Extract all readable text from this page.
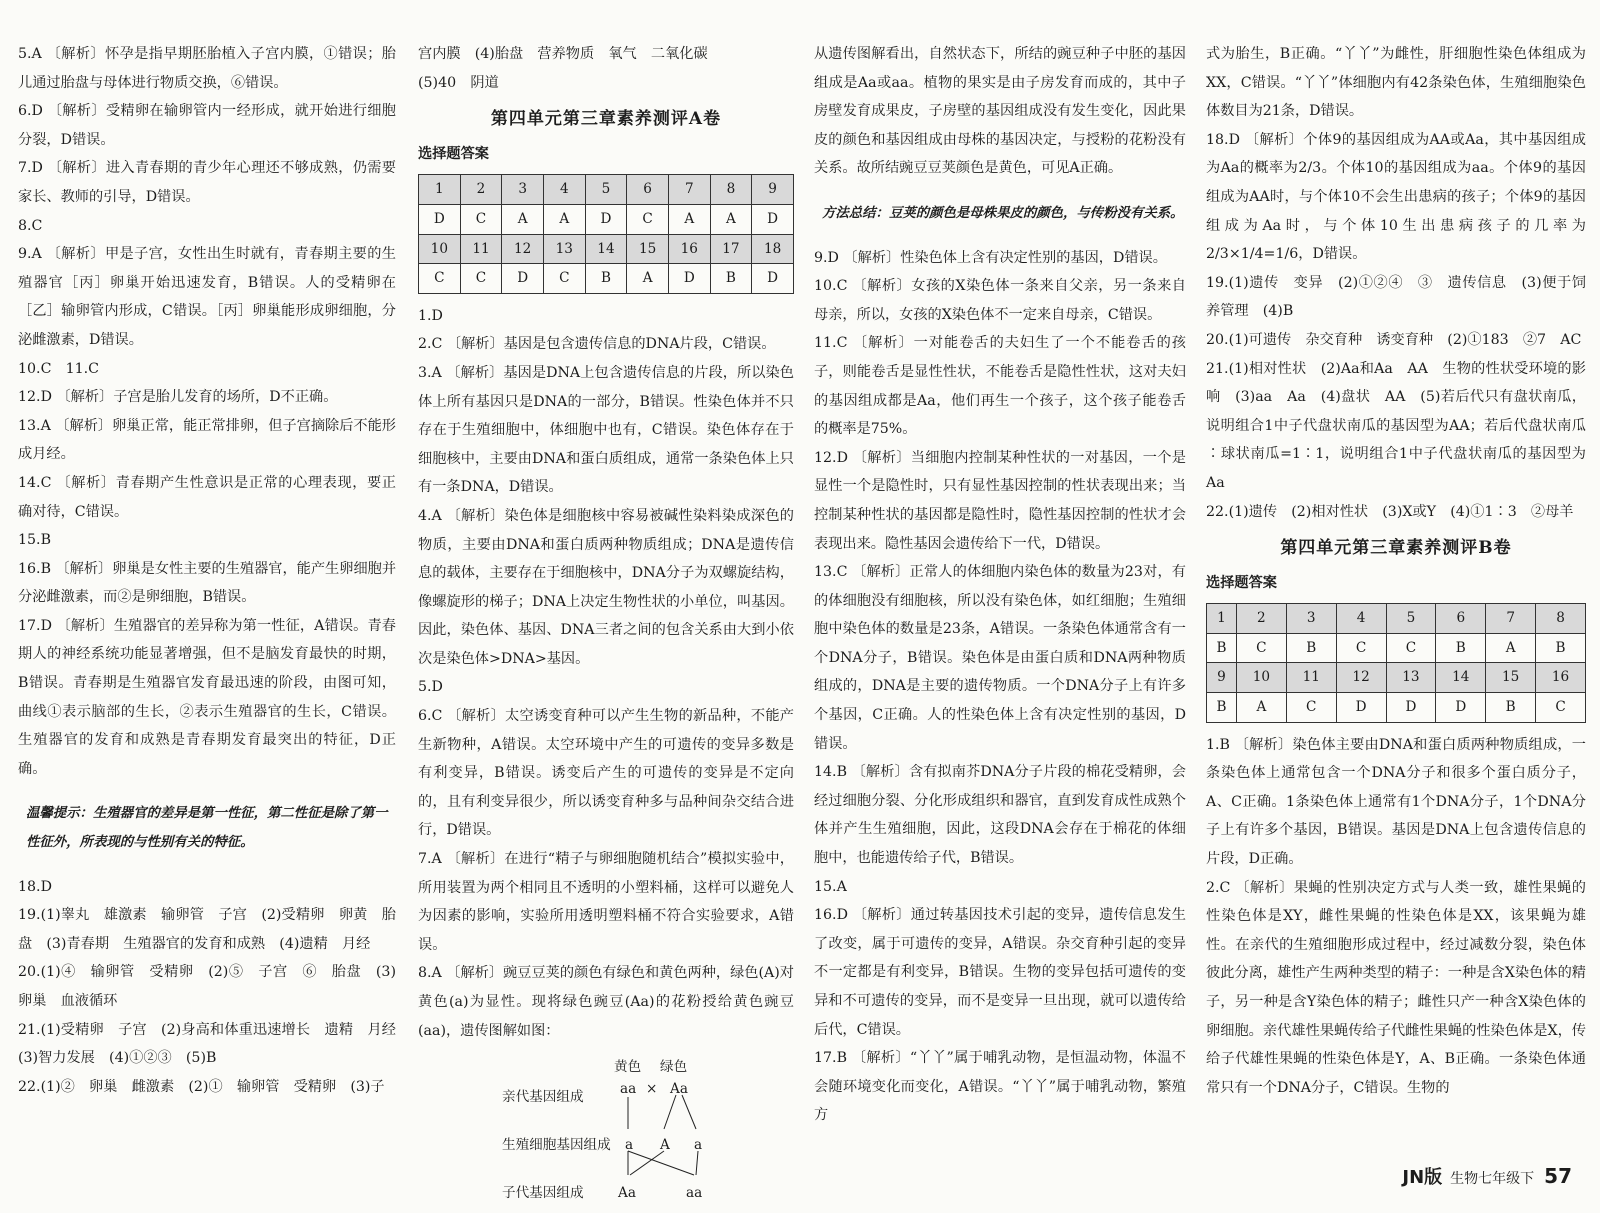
5.A 〔解析〕怀孕是指早期胚胎植入子宫内膜，①错误；胎儿通过胎盘与母体进行物质交换，⑥错误。

6.D 〔解析〕受精卵在输卵管内一经形成，就开始进行细胞分裂，D错误。

7.D 〔解析〕进入青春期的青少年心理还不够成熟，仍需要家长、教师的引导，D错误。

8.C

9.A 〔解析〕甲是子宫，女性出生时就有，青春期主要的生殖器官［丙］卵巢开始迅速发育，B错误。人的受精卵在［乙］输卵管内形成，C错误。［丙］卵巢能形成卵细胞，分泌雌激素，D错误。

10.C　11.C

12.D 〔解析〕子宫是胎儿发育的场所，D不正确。

13.A 〔解析〕卵巢正常，能正常排卵，但子宫摘除后不能形成月经。

14.C 〔解析〕青春期产生性意识是正常的心理表现，要正确对待，C错误。

15.B

16.B 〔解析〕卵巢是女性主要的生殖器官，能产生卵细胞并分泌雌激素，而②是卵细胞，B错误。

17.D 〔解析〕生殖器官的差异称为第一性征，A错误。青春期人的神经系统功能显著增强，但不是脑发育最快的时期，B错误。青春期是生殖器官发育最迅速的阶段，由图可知，曲线①表示脑部的生长，②表示生殖器官的生长，C错误。生殖器官的发育和成熟是青春期发育最突出的特征，D正确。

温馨提示：生殖器官的差异是第一性征，第二性征是除了第一性征外，所表现的与性别有关的特征。

18.D

19.(1)睾丸　雄激素　输卵管　子宫　(2)受精卵　卵黄　胎盘　(3)青春期　生殖器官的发育和成熟　(4)遗精　月经

20.(1)④　输卵管　受精卵　(2)⑤　子宫　⑥　胎盘　(3)卵巢　血液循环

21.(1)受精卵　子宫　(2)身高和体重迅速增长　遗精　月经　(3)智力发展　(4)①②③　(5)B

22.(1)②　卵巢　雌激素　(2)①　输卵管　受精卵　(3)子

宫内膜　(4)胎盘　营养物质　氧气　二氧化碳

(5)40　阴道

第四单元第三章素养测评A卷
选择题答案
1	2	3	4	5	6	7	8	9
D	C	A	A	D	C	A	A	D
10	11	12	13	14	15	16	17	18
C	C	D	C	B	A	D	B	D

1.D

2.C 〔解析〕基因是包含遗传信息的DNA片段，C错误。

3.A 〔解析〕基因是DNA上包含遗传信息的片段，所以染色体上所有基因只是DNA的一部分，B错误。性染色体并不只存在于生殖细胞中，体细胞中也有，C错误。染色体存在于细胞核中，主要由DNA和蛋白质组成，通常一条染色体上只有一条DNA，D错误。

4.A 〔解析〕染色体是细胞核中容易被碱性染料染成深色的物质，主要由DNA和蛋白质两种物质组成；DNA是遗传信息的载体，主要存在于细胞核中，DNA分子为双螺旋结构，像螺旋形的梯子；DNA上决定生物性状的小单位，叫基因。因此，染色体、基因、DNA三者之间的包含关系由大到小依次是染色体>DNA>基因。

5.D

6.C 〔解析〕太空诱变育种可以产生生物的新品种，不能产生新物种，A错误。太空环境中产生的可遗传的变异多数是有利变异，B错误。诱变后产生的可遗传的变异是不定向的，且有利变异很少，所以诱变育种多与品种间杂交结合进行，D错误。

7.A 〔解析〕在进行“精子与卵细胞随机结合”模拟实验中，所用装置为两个相同且不透明的小塑料桶，这样可以避免人为因素的影响，实验所用透明塑料桶不符合实验要求，A错误。

8.A 〔解析〕豌豆豆荚的颜色有绿色和黄色两种，绿色(A)对黄色(a)为显性。现将绿色豌豆(Aa)的花粉授给黄色豌豆(aa)，遗传图解如图：

黄色 绿色
亲代基因组成
生殖细胞基因组成
子代基因组成
aa × Aa
a A a
Aa	aa

从遗传图解看出，自然状态下，所结的豌豆种子中胚的基因组成是Aa或aa。植物的果实是由子房发育而成的，其中子房壁发育成果皮，子房壁的基因组成没有发生变化，因此果皮的颜色和基因组成由母株的基因决定，与授粉的花粉没有关系。故所结豌豆豆荚颜色是黄色，可见A正确。

方法总结：豆荚的颜色是母株果皮的颜色，与传粉没有关系。

9.D 〔解析〕性染色体上含有决定性别的基因，D错误。

10.C 〔解析〕女孩的X染色体一条来自父亲，另一条来自母亲，所以，女孩的X染色体不一定来自母亲，C错误。

11.C 〔解析〕一对能卷舌的夫妇生了一个不能卷舌的孩子，则能卷舌是显性性状，不能卷舌是隐性性状，这对夫妇的基因组成都是Aa，他们再生一个孩子，这个孩子能卷舌的概率是75%。

12.D 〔解析〕当细胞内控制某种性状的一对基因，一个是显性一个是隐性时，只有显性基因控制的性状表现出来；当控制某种性状的基因都是隐性时，隐性基因控制的性状才会表现出来。隐性基因会遗传给下一代，D错误。

13.C 〔解析〕正常人的体细胞内染色体的数量为23对，有的体细胞没有细胞核，所以没有染色体，如红细胞；生殖细胞中染色体的数量是23条，A错误。一条染色体通常含有一个DNA分子，B错误。染色体是由蛋白质和DNA两种物质组成的，DNA是主要的遗传物质。一个DNA分子上有许多个基因，C正确。人的性染色体上含有决定性别的基因，D错误。

14.B 〔解析〕含有拟南芥DNA分子片段的棉花受精卵，会经过细胞分裂、分化形成组织和器官，直到发育成性成熟个体并产生生殖细胞，因此，这段DNA会存在于棉花的体细胞中，也能遗传给子代，B错误。

15.A

16.D 〔解析〕通过转基因技术引起的变异，遗传信息发生了改变，属于可遗传的变异，A错误。杂交育种引起的变异不一定都是有利变异，B错误。生物的变异包括可遗传的变异和不可遗传的变异，而不是变异一旦出现，就可以遗传给后代，C错误。

17.B 〔解析〕“丫丫”属于哺乳动物，是恒温动物，体温不会随环境变化而变化，A错误。“丫丫”属于哺乳动物，繁殖方

式为胎生，B正确。“丫丫”为雌性，肝细胞性染色体组成为XX，C错误。“丫丫”体细胞内有42条染色体，生殖细胞染色体数目为21条，D错误。

18.D 〔解析〕个体9的基因组成为AA或Aa，其中基因组成为Aa的概率为2/3。个体10的基因组成为aa。个体9的基因组成为AA时，与个体10不会生出患病的孩子；个体9的基因组成为Aa时，与个体10生出患病孩子的几率为2/3×1/4=1/6，D错误。

19.(1)遗传　变异　(2)①②④　③　遗传信息　(3)便于饲养管理　(4)B

20.(1)可遗传　杂交育种　诱变育种　(2)①183　②7　AC

21.(1)相对性状　(2)Aa和Aa　AA　生物的性状受环境的影响　(3)aa　Aa　(4)盘状　AA　(5)若后代只有盘状南瓜，说明组合1中子代盘状南瓜的基因型为AA；若后代盘状南瓜∶球状南瓜=1∶1，说明组合1中子代盘状南瓜的基因型为Aa

22.(1)遗传　(2)相对性状　(3)X或Y　(4)①1∶3　②母羊

第四单元第三章素养测评B卷
选择题答案
1	2	3	4	5	6	7	8
B	C	B	C	C	B	A	B
9	10	11	12	13	14	15	16
B	A	C	D	D	D	B	C

1.B 〔解析〕染色体主要由DNA和蛋白质两种物质组成，一条染色体上通常包含一个DNA分子和很多个蛋白质分子，A、C正确。1条染色体上通常有1个DNA分子，1个DNA分子上有许多个基因，B错误。基因是DNA上包含遗传信息的片段，D正确。

2.C 〔解析〕果蝇的性别决定方式与人类一致，雄性果蝇的性染色体是XY，雌性果蝇的性染色体是XX，该果蝇为雄性。在亲代的生殖细胞形成过程中，经过减数分裂，染色体彼此分离，雄性产生两种类型的精子：一种是含X染色体的精子，另一种是含Y染色体的精子；雌性只产一种含X染色体的卵细胞。亲代雄性果蝇传给子代雌性果蝇的性染色体是X，传给子代雄性果蝇的性染色体是Y，A、B正确。一条染色体通常只有一个DNA分子，C错误。生物的

JN版 生物七年级下 57
